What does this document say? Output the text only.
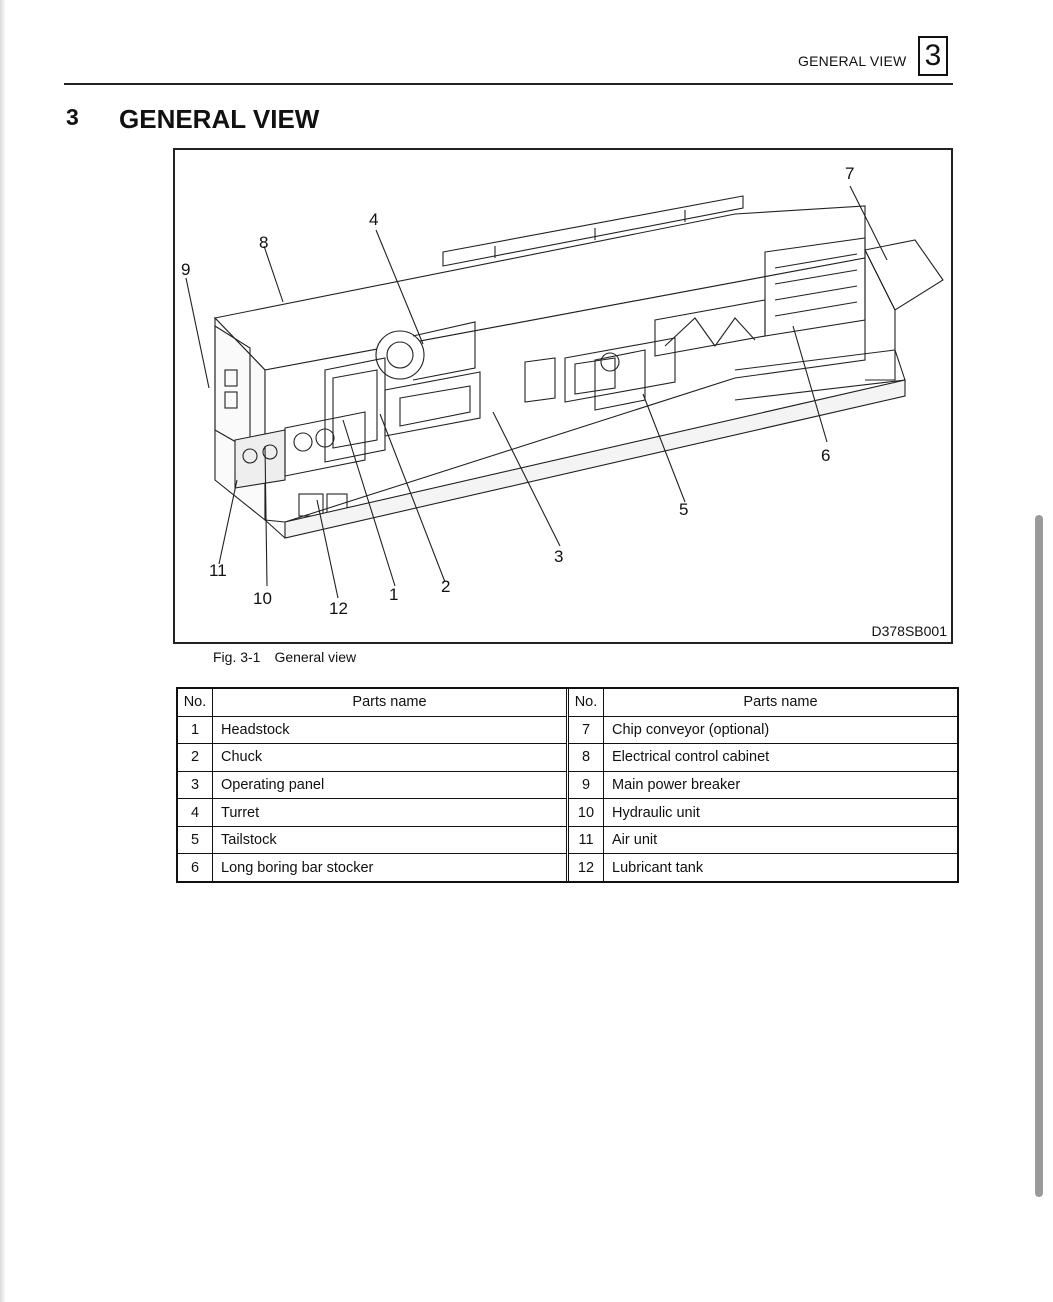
GENERAL VIEW 3
3 GENERAL VIEW
1	2
3
4
5
6
7
8
9
10
11
12
D378SB001
Fig. 3-1 General view
No.	Parts name
1	Headstock
2	Chuck
3	Operating panel
4	Turret
5	Tailstock
6	Long boring bar stocker
No.	Parts name
7	Chip conveyor (optional)
8	Electrical control cabinet
9	Main power breaker
10	Hydraulic unit
11	Air unit
12	Lubricant tank
